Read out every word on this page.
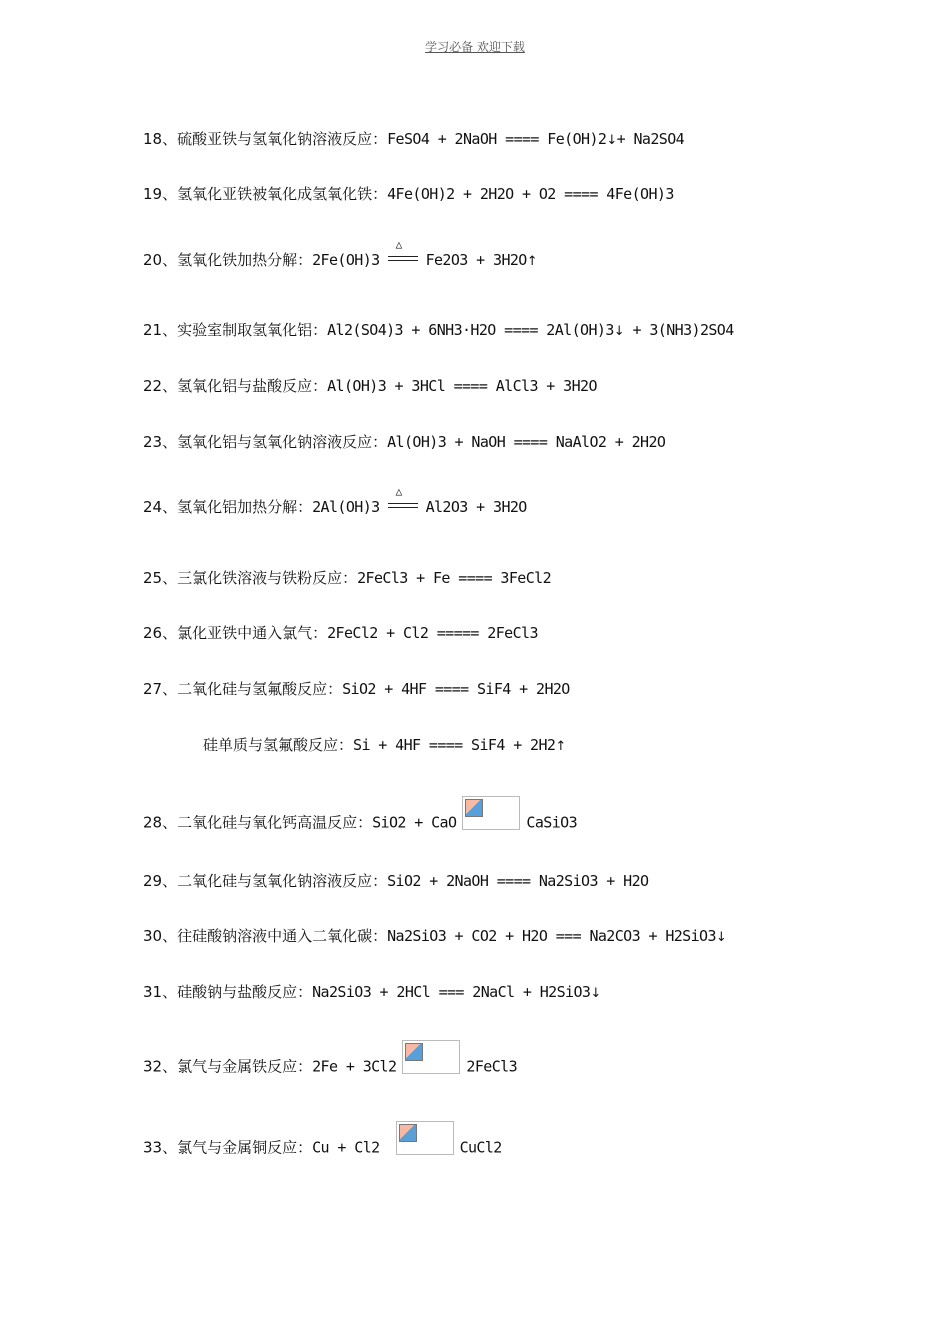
学习必备 欢迎下载
18、硫酸亚铁与氢氧化钠溶液反应：FeSO4 + 2NaOH ==== Fe(OH)2↓+ Na2SO4
19、氢氧化亚铁被氧化成氢氧化铁：4Fe(OH)2 + 2H2O + O2 ==== 4Fe(OH)3
20、氢氧化铁加热分解：2Fe(OH)3
△
Fe2O3 + 3H2O↑
21、实验室制取氢氧化铝：Al2(SO4)3 + 6NH3·H2O ==== 2Al(OH)3↓ + 3(NH3)2SO4
22、氢氧化铝与盐酸反应：Al(OH)3 + 3HCl ==== AlCl3 + 3H2O
23、氢氧化铝与氢氧化钠溶液反应：Al(OH)3 + NaOH ==== NaAlO2 + 2H2O
24、氢氧化铝加热分解：2Al(OH)3
△
Al2O3 + 3H2O
25、三氯化铁溶液与铁粉反应：2FeCl3 + Fe ==== 3FeCl2
26、氯化亚铁中通入氯气：2FeCl2 + Cl2 ===== 2FeCl3
27、二氧化硅与氢氟酸反应：SiO2 + 4HF ==== SiF4 + 2H2O
硅单质与氢氟酸反应：Si + 4HF ==== SiF4 + 2H2↑
28、二氧化硅与氧化钙高温反应：SiO2 + CaO	CaSiO3
29、二氧化硅与氢氧化钠溶液反应：SiO2 + 2NaOH ==== Na2SiO3 + H2O
30、往硅酸钠溶液中通入二氧化碳：Na2SiO3 + CO2 + H2O === Na2CO3 + H2SiO3↓
31、硅酸钠与盐酸反应：Na2SiO3 + 2HCl === 2NaCl + H2SiO3↓
32、氯气与金属铁反应：2Fe + 3Cl2	2FeCl3
33、氯气与金属铜反应：Cu + Cl2	CuCl2
